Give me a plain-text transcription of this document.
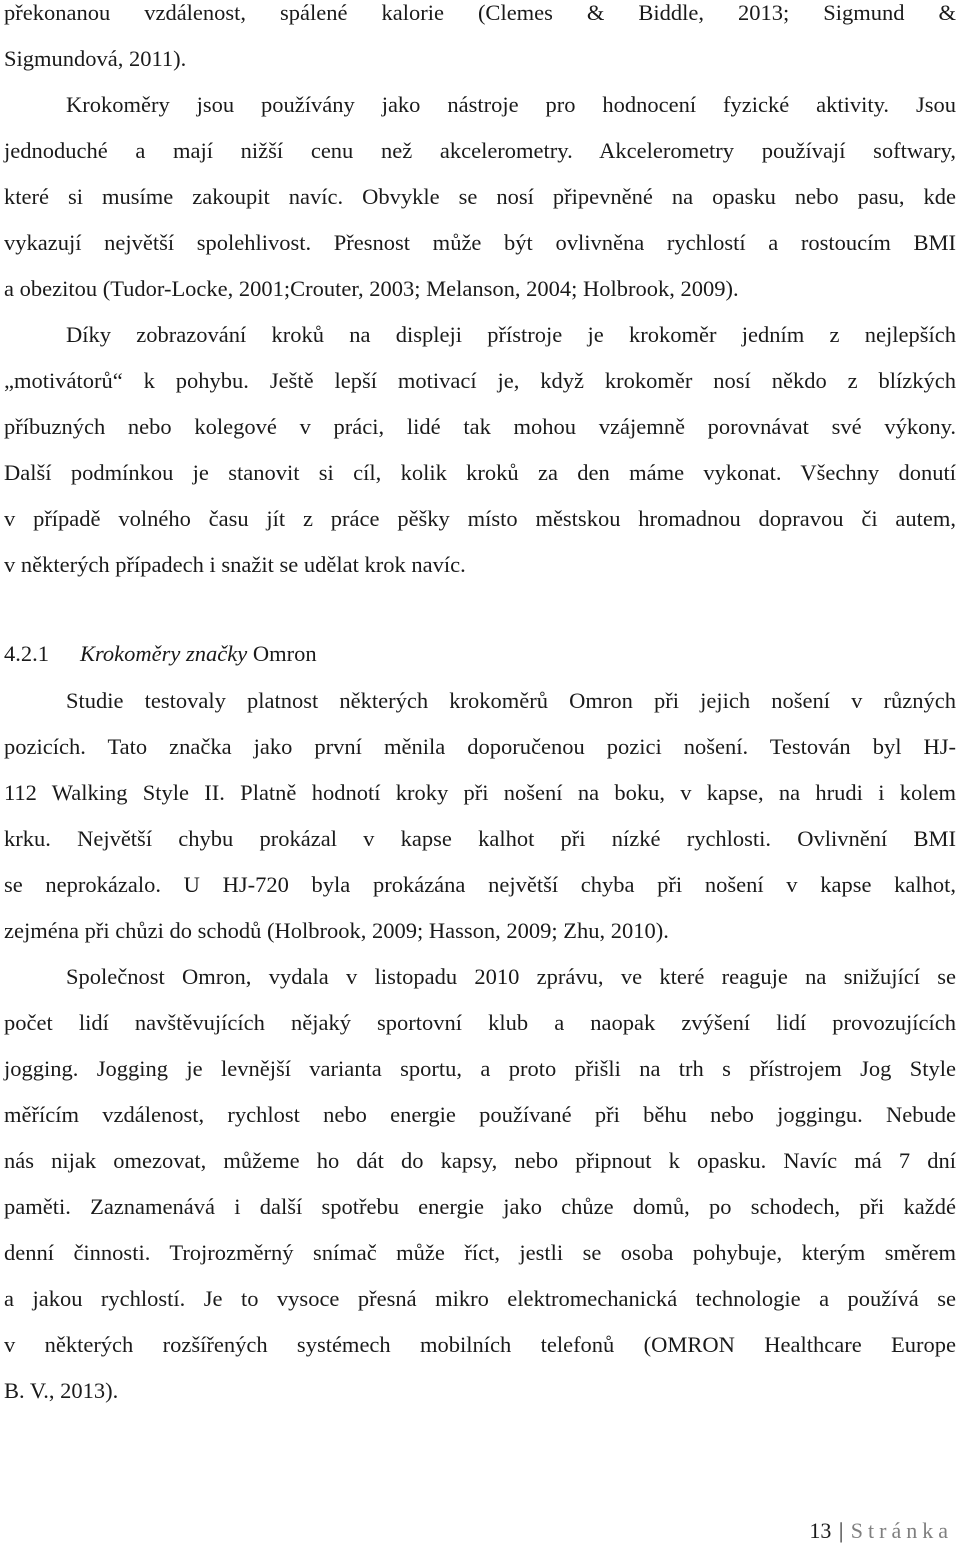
překonanou vzdálenost, spálené kalorie (Clemes & Biddle, 2013; Sigmund &
Sigmundová, 2011).
Krokoměry jsou používány jako nástroje pro hodnocení fyzické aktivity. Jsou
jednoduché a mají nižší cenu než akcelerometry. Akcelerometry používají softwary,
které si musíme zakoupit navíc. Obvykle se nosí připevněné na opasku nebo pasu, kde
vykazují největší spolehlivost. Přesnost může být ovlivněna rychlostí a rostoucím BMI
a obezitou (Tudor-Locke, 2001;Crouter, 2003; Melanson, 2004; Holbrook, 2009).
Díky zobrazování kroků na displeji přístroje je krokoměr jedním z nejlepších
„motivátorů“ k pohybu. Ještě lepší motivací je, když krokoměr nosí někdo z blízkých
příbuzných nebo kolegové v práci, lidé tak mohou vzájemně porovnávat své výkony.
Další podmínkou je stanovit si cíl, kolik kroků za den máme vykonat. Všechny donutí
v případě volného času jít z práce pěšky místo městskou hromadnou dopravou či autem,
v některých případech i snažit se udělat krok navíc.
4.2.1 Krokoměry značky Omron
Studie testovaly platnost některých krokoměrů Omron při jejich nošení v různých
pozicích. Tato značka jako první měnila doporučenou pozici nošení. Testován byl HJ-
112 Walking Style II. Platně hodnotí kroky při nošení na boku, v kapse, na hrudi i kolem
krku. Největší chybu prokázal v kapse kalhot při nízké rychlosti. Ovlivnění BMI
se neprokázalo. U HJ-720 byla prokázána největší chyba při nošení v kapse kalhot,
zejména při chůzi do schodů (Holbrook, 2009; Hasson, 2009; Zhu, 2010).
Společnost Omron, vydala v listopadu 2010 zprávu, ve které reaguje na snižující se
počet lidí navštěvujících nějaký sportovní klub a naopak zvýšení lidí provozujících
jogging. Jogging je levnější varianta sportu, a proto přišli na trh s přístrojem Jog Style
měřícím vzdálenost, rychlost nebo energie používané při běhu nebo joggingu. Nebude
nás nijak omezovat, můžeme ho dát do kapsy, nebo připnout k opasku. Navíc má 7 dní
paměti. Zaznamenává i další spotřebu energie jako chůze domů, po schodech, při každé
denní činnosti. Trojrozměrný snímač může říct, jestli se osoba pohybuje, kterým směrem
a jakou rychlostí. Je to vysoce přesná mikro elektromechanická technologie a používá se
v některých rozšířených systémech mobilních telefonů (OMRON Healthcare Europe
B. V., 2013).
13 | Stránka
